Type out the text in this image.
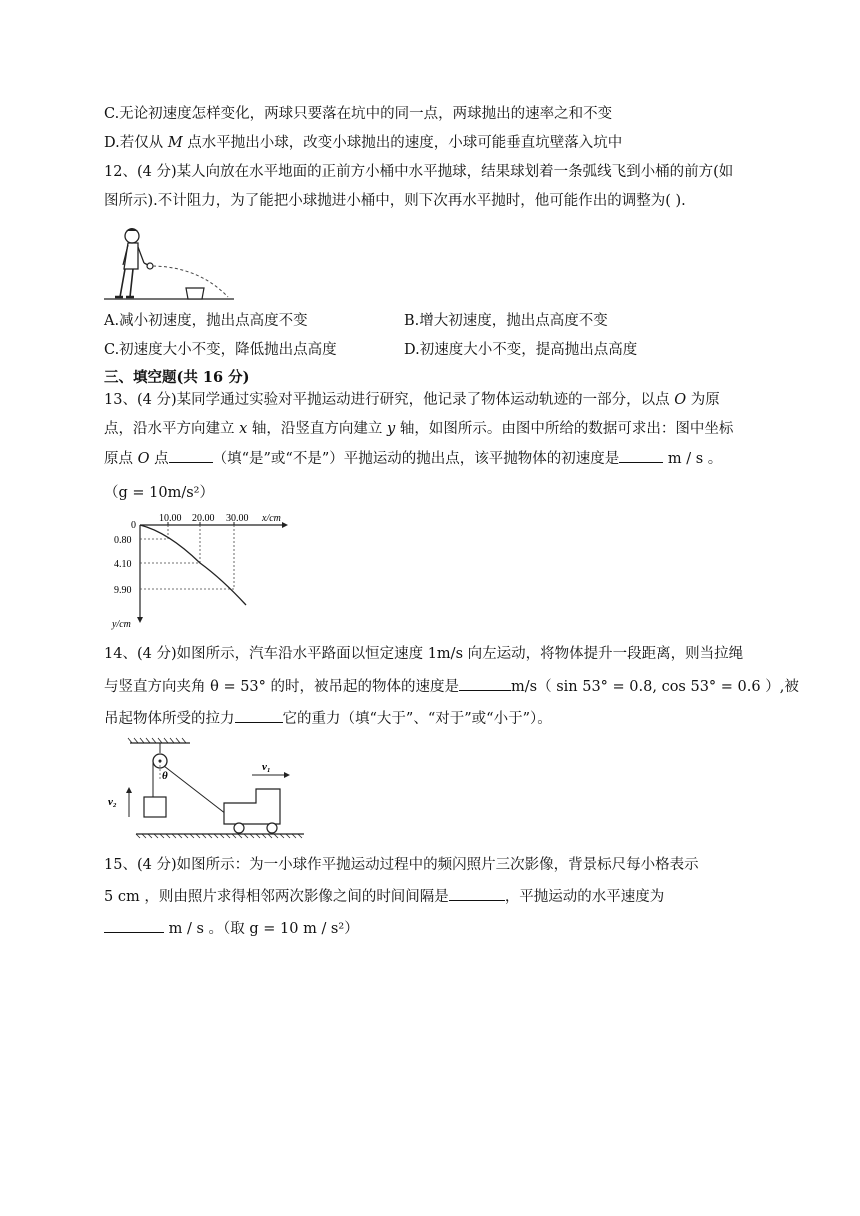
C.无论初速度怎样变化，两球只要落在坑中的同一点，两球抛出的速率之和不变
D.若仅从 M 点水平抛出小球，改变小球抛出的速度，小球可能垂直坑壁落入坑中
12、(4 分)某人向放在水平地面的正前方小桶中水平抛球，结果球划着一条弧线飞到小桶的前方(如
图所示).不计阻力，为了能把小球抛进小桶中，则下次再水平抛时，他可能作出的调整为( ).
A.减小初速度，抛出点高度不变	B.增大初速度，抛出点高度不变
C.初速度大小不变，降低抛出点高度	D.初速度大小不变，提高抛出点高度
三、填空题(共 16 分)
13、(4 分)某同学通过实验对平抛运动进行研究，他记录了物体运动轨迹的一部分，以点 O 为原
点，沿水平方向建立 x 轴，沿竖直方向建立 y 轴，如图所示。由图中所给的数据可求出：图中坐标
原点 O 点	（填“是”或“不是”）平抛运动的抛出点，该平抛物体的初速度是	m / s 。
（g = 10m/s²）
0
10.00 20.00 30.00 x/cm
0.80
4.10
9.90
y/cm
14、(4 分)如图所示，汽车沿水平路面以恒定速度 1m/s 向左运动，将物体提升一段距离，则当拉绳
与竖直方向夹角 θ = 53° 的时，被吊起的物体的速度是	m/s（ sin 53° = 0.8, cos 53° = 0.6 ）,被
吊起物体所受的拉力	它的重力（填“大于”、“对于”或“小于”）。
v₂
θ
v₁
15、(4 分)如图所示：为一小球作平抛运动过程中的频闪照片三次影像，背景标尺每小格表示
5 cm ，则由照片求得相邻两次影像之间的时间间隔是	，平抛运动的水平速度为
m / s 。（取 g = 10 m / s²）
